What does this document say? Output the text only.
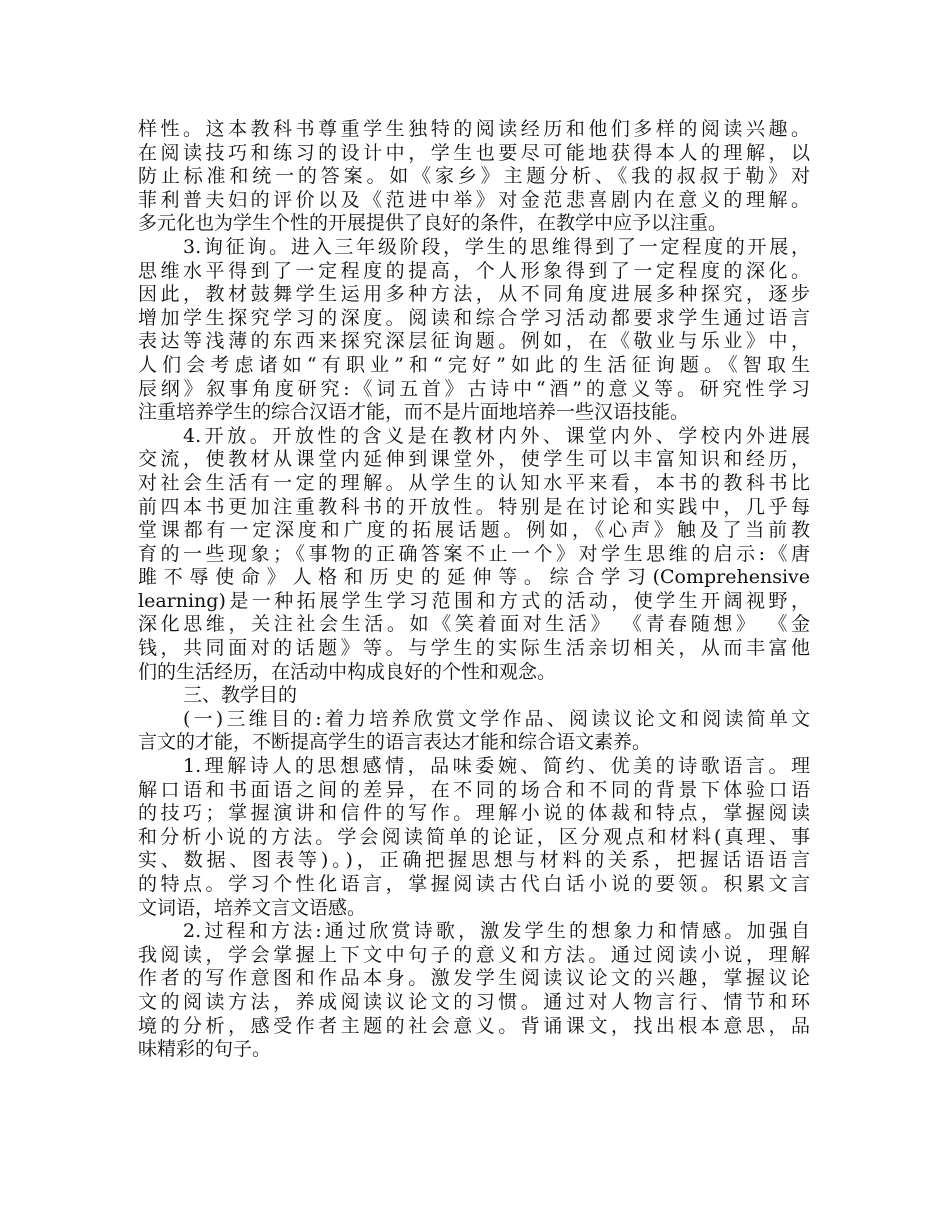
样性。这本教科书尊重学生独特的阅读经历和他们多样的阅读兴趣。
在阅读技巧和练习的设计中，学生也要尽可能地获得本人的理解，以
防止标准和统一的答案。如《家乡》主题分析、《我的叔叔于勒》对
菲利普夫妇的评价以及《范进中举》对金范悲喜剧内在意义的理解。
多元化也为学生个性的开展提供了良好的条件，在教学中应予以注重。
3.询征询。进入三年级阶段，学生的思维得到了一定程度的开展，
思维水平得到了一定程度的提高，个人形象得到了一定程度的深化。
因此，教材鼓舞学生运用多种方法，从不同角度进展多种探究，逐步
增加学生探究学习的深度。阅读和综合学习活动都要求学生通过语言
表达等浅薄的东西来探究深层征询题。例如，在《敬业与乐业》中，
人们会考虑诸如“有职业”和“完好”如此的生活征询题。《智取生
辰纲》叙事角度研究:《词五首》古诗中“酒”的意义等。研究性学习
注重培养学生的综合汉语才能，而不是片面地培养一些汉语技能。
4.开放。开放性的含义是在教材内外、课堂内外、学校内外进展
交流，使教材从课堂内延伸到课堂外，使学生可以丰富知识和经历，
对社会生活有一定的理解。从学生的认知水平来看，本书的教科书比
前四本书更加注重教科书的开放性。特别是在讨论和实践中，几乎每
堂课都有一定深度和广度的拓展话题。例如，《心声》触及了当前教
育的一些现象；《事物的正确答案不止一个》对学生思维的启示:《唐
雎不辱使命》人格和历史的延伸等。综合学习(Comprehensive
learning)是一种拓展学生学习范围和方式的活动，使学生开阔视野，
深化思维，关注社会生活。如《笑着面对生活》 《青春随想》 《金
钱，共同面对的话题》等。与学生的实际生活亲切相关，从而丰富他
们的生活经历，在活动中构成良好的个性和观念。
三、教学目的
(一)三维目的:着力培养欣赏文学作品、阅读议论文和阅读简单文
言文的才能，不断提高学生的语言表达才能和综合语文素养。
1.理解诗人的思想感情，品味委婉、简约、优美的诗歌语言。理
解口语和书面语之间的差异，在不同的场合和不同的背景下体验口语
的技巧；掌握演讲和信件的写作。理解小说的体裁和特点，掌握阅读
和分析小说的方法。学会阅读简单的论证，区分观点和材料(真理、事
实、数据、图表等)。)，正确把握思想与材料的关系，把握话语语言
的特点。学习个性化语言，掌握阅读古代白话小说的要领。积累文言
文词语，培养文言文语感。
2.过程和方法:通过欣赏诗歌，激发学生的想象力和情感。加强自
我阅读，学会掌握上下文中句子的意义和方法。通过阅读小说，理解
作者的写作意图和作品本身。激发学生阅读议论文的兴趣，掌握议论
文的阅读方法，养成阅读议论文的习惯。通过对人物言行、情节和环
境的分析，感受作者主题的社会意义。背诵课文，找出根本意思，品
味精彩的句子。
